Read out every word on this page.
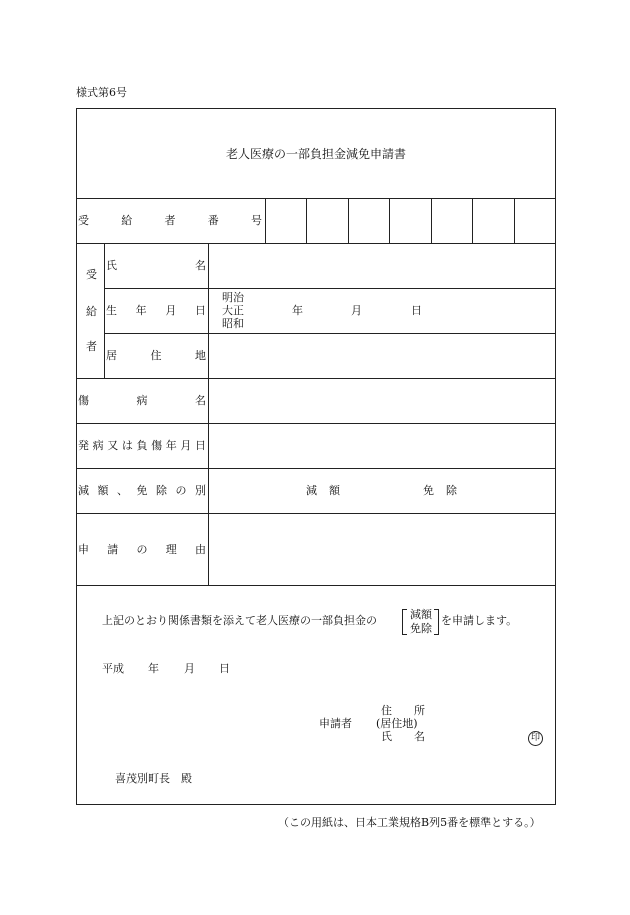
様式第6号
老人医療の一部負担金減免申請書
受	給	者	番	号
受
給
者
氏	名
生 年 月 日
明治
大正
昭和
年	月	日
居	住	地
傷	病	名
発 病 又 は 負 傷 年 月 日
減 額 、 免 除 の 別	減 額	免 除
申 請 の 理 由
上記のとおり関係書類を添えて老人医療の一部負担金の	減額
免除
を申請します。
平成 年 月 日
申請者
住 所
(居住地)
氏 名	印
喜茂別町長　殿
（この用紙は、日本工業規格B列5番を標準とする。）
